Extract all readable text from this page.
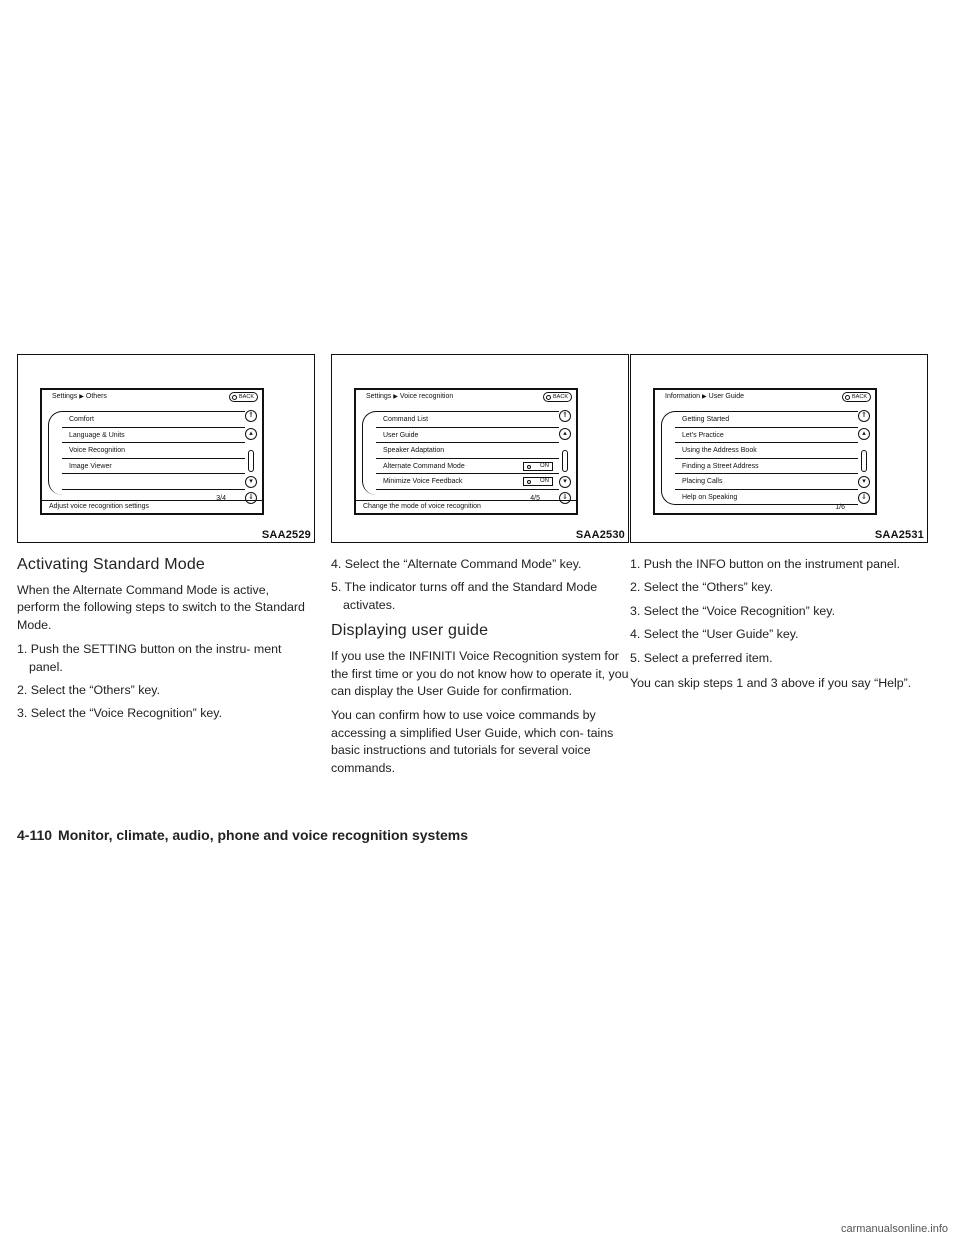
Settings ▶ Others	BACK
Comfort
Language & Units
Voice Recognition
Image Viewer
⇑
▴
▾
⇓
3/4
Adjust voice recognition settings
SAA2529
Settings ▶ Voice recognition	BACK
Command List
User Guide
Speaker Adaptation
Alternate Command Mode	ON
Minimize Voice Feedback	ON
⇑
▴
▾
⇓
4/5
Change the mode of voice recognition
SAA2530
Information ▶ User Guide	BACK
Getting Started
Let's Practice
Using the Address Book
Finding a Street Address
Placing Calls
Help on Speaking
⇑
▴
▾
⇓
1/6
SAA2531
Activating Standard Mode

When the Alternate Command Mode is active, perform the following steps to switch to the Standard Mode.

1. Push the SETTING button on the instru- ment panel.
2. Select the “Others” key.
3. Select the “Voice Recognition” key.
4. Select the “Alternate Command Mode” key.
5. The indicator turns off and the Standard Mode activates.
Displaying user guide

If you use the INFINITI Voice Recognition system for the first time or you do not know how to operate it, you can display the User Guide for confirmation.

You can confirm how to use voice commands by accessing a simplified User Guide, which con- tains basic instructions and tutorials for several voice commands.

1. Push the INFO button on the instrument panel.
2. Select the “Others” key.
3. Select the “Voice Recognition” key.
4. Select the “User Guide” key.
5. Select a preferred item.

You can skip steps 1 and 3 above if you say “Help”.

4-110 Monitor, climate, audio, phone and voice recognition systems
carmanualsonline.info
